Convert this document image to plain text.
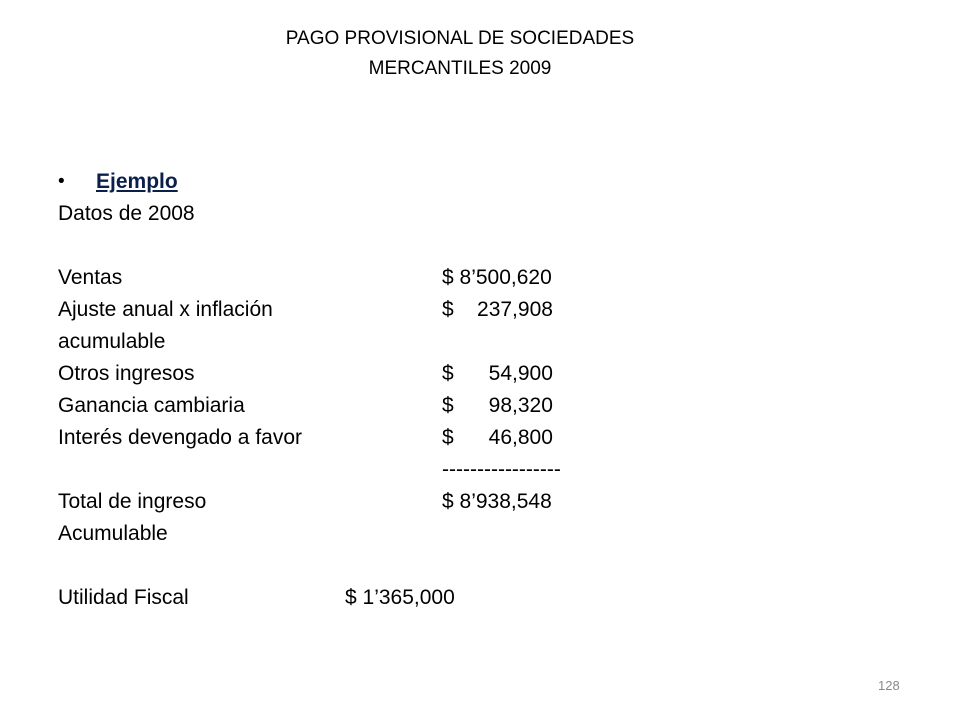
PAGO PROVISIONAL DE SOCIEDADES
MERCANTILES 2009
• Ejemplo
Datos de 2008
Ventas	$ 8’500,620
Ajuste anual x inflación	$    237,908
acumulable
Otros ingresos	$      54,900
Ganancia cambiaria	$      98,320
Interés devengado a favor	$      46,800
-----------------
Total de ingreso	$ 8’938,548
Acumulable
Utilidad Fiscal	$ 1’365,000
128
